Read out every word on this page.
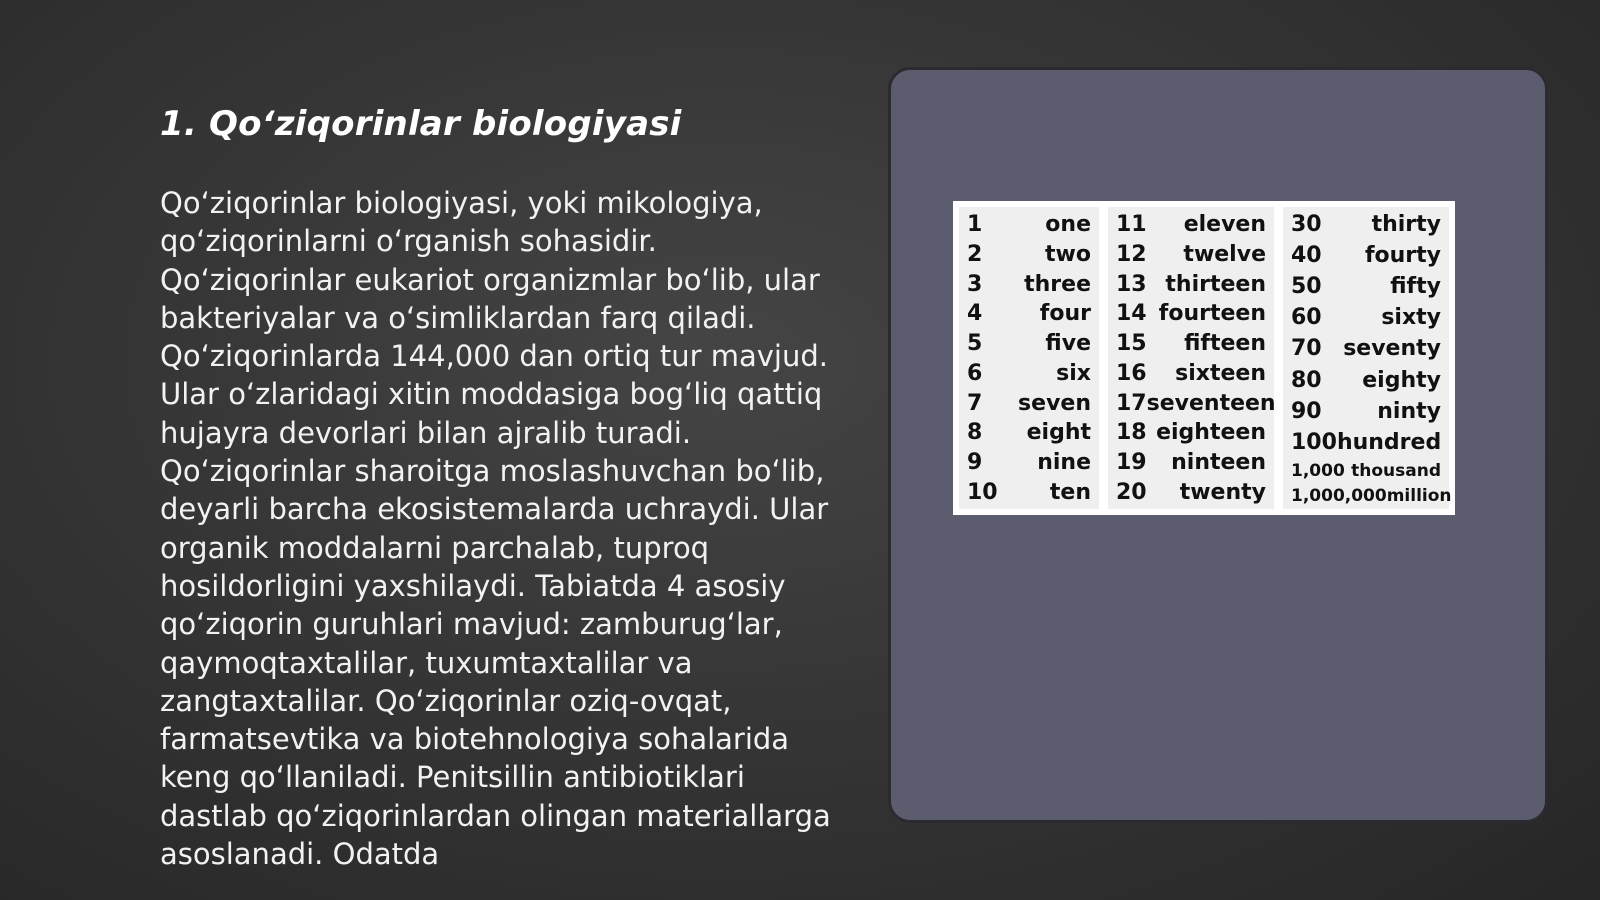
1. Qo‘ziqorinlar biologiyasi

Qo‘ziqorinlar biologiyasi, yoki mikologiya, qo‘ziqorinlarni o‘rganish sohasidir. Qo‘ziqorinlar eukariot organizmlar bo‘lib, ular bakteriyalar va o‘simliklardan farq qiladi. Qo‘ziqorinlarda 144,000 dan ortiq tur mavjud. Ular o‘zlaridagi xitin moddasiga bog‘liq qattiq hujayra devorlari bilan ajralib turadi. Qo‘ziqorinlar sharoitga moslashuvchan bo‘lib, deyarli barcha ekosistemalarda uchraydi. Ular organik moddalarni parchalab, tuproq hosildorligini yaxshilaydi. Tabiatda 4 asosiy qo‘ziqorin guruhlari mavjud: zamburug‘lar, qaymoqtaxtalilar, tuxumtaxtalilar va zangtaxtalilar. Qo‘ziqorinlar oziq-ovqat, farmatsevtika va biotehnologiya sohalarida keng qo‘llaniladi. Penitsillin antibiotiklari dastlab qo‘ziqorinlardan olingan materiallarga asoslanadi. Odatda

1	one
2	two
3 three
4	four
5	five
6	six
7 seven
8 eight
9 nine
10 ten
11 eleven
12 twelve
13 thirteen
14 fourteen
15 fifteen
16 sixteen
17 seventeen
18 eighteen
19 ninteen
20 twenty
30 thirty
40 fourty
50	fifty
60	sixty
70 seventy
80 eighty
90	ninty
100 hundred
1,000 thousand
1,000,000 million
